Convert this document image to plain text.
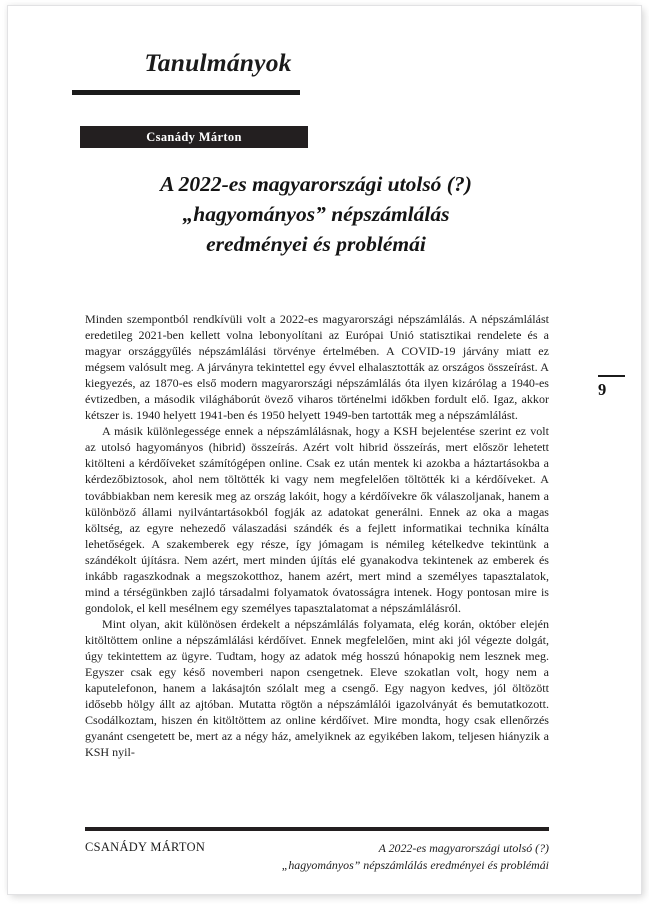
Tanulmányok
Csanády Márton
A 2022-es magyarországi utolsó (?)
„hagyományos” népszámlálás
eredményei és problémái

Minden szempontból rendkívüli volt a 2022-es magyarországi népszámlálás. A népszámlálást eredetileg 2021-ben kellett volna lebonyolítani az Európai Unió statisztikai rendelete és a magyar országgyűlés népszámlálási törvénye értelmében. A COVID-19 járvány miatt ez mégsem valósult meg. A járványra tekintettel egy évvel elhalasztották az országos összeírást. A kiegyezés, az 1870-es első modern magyarországi népszámlálás óta ilyen kizárólag a 1940-es évtizedben, a második világháborút övező viharos történelmi időkben fordult elő. Igaz, akkor kétszer is. 1940 helyett 1941-ben és 1950 helyett 1949-ben tartották meg a népszámlálást.

A másik különlegessége ennek a népszámlálásnak, hogy a KSH bejelentése szerint ez volt az utolsó hagyományos (hibrid) összeírás. Azért volt hibrid összeírás, mert először lehetett kitölteni a kérdőíveket számítógépen online. Csak ez után mentek ki azokba a háztartásokba a kérdezőbiztosok, ahol nem töltötték ki vagy nem megfelelően töltötték ki a kérdőíveket. A továbbiakban nem keresik meg az ország lakóit, hogy a kérdőívekre ők válaszoljanak, hanem a különböző állami nyilvántartásokból fogják az adatokat generálni. Ennek az oka a magas költség, az egyre nehezedő válaszadási szándék és a fejlett informatikai technika kínálta lehetőségek. A szakemberek egy része, így jómagam is némileg kételkedve tekintünk a szándékolt újításra. Nem azért, mert minden újítás elé gyanakodva tekintenek az emberek és inkább ragaszkodnak a megszokotthoz, hanem azért, mert mind a személyes tapasztalatok, mind a térségünkben zajló társadalmi folyamatok óvatosságra intenek. Hogy pontosan mire is gondolok, el kell mesélnem egy személyes tapasztalatomat a népszámlálásról.

Mint olyan, akit különösen érdekelt a népszámlálás folyamata, elég korán, október elején kitöltöttem online a népszámlálási kérdőívet. Ennek megfelelően, mint aki jól végezte dolgát, úgy tekintettem az ügyre. Tudtam, hogy az adatok még hosszú hónapokig nem lesznek meg. Egyszer csak egy késő novemberi napon csengetnek. Eleve szokatlan volt, hogy nem a kaputelefonon, hanem a lakásajtón szólalt meg a csengő. Egy nagyon kedves, jól öltözött idősebb hölgy állt az ajtóban. Mutatta rögtön a népszámlálói igazolványát és bemutatkozott. Csodálkoztam, hiszen én kitöltöttem az online kérdőívet. Mire mondta, hogy csak ellenőrzés gyanánt csengetett be, mert az a négy ház, amelyiknek az egyikében lakom, teljesen hiányzik a KSH nyil-

9
CSANÁDY MÁRTON	A 2022-es magyarországi utolsó (?)
„hagyományos” népszámlálás eredményei és problémái
